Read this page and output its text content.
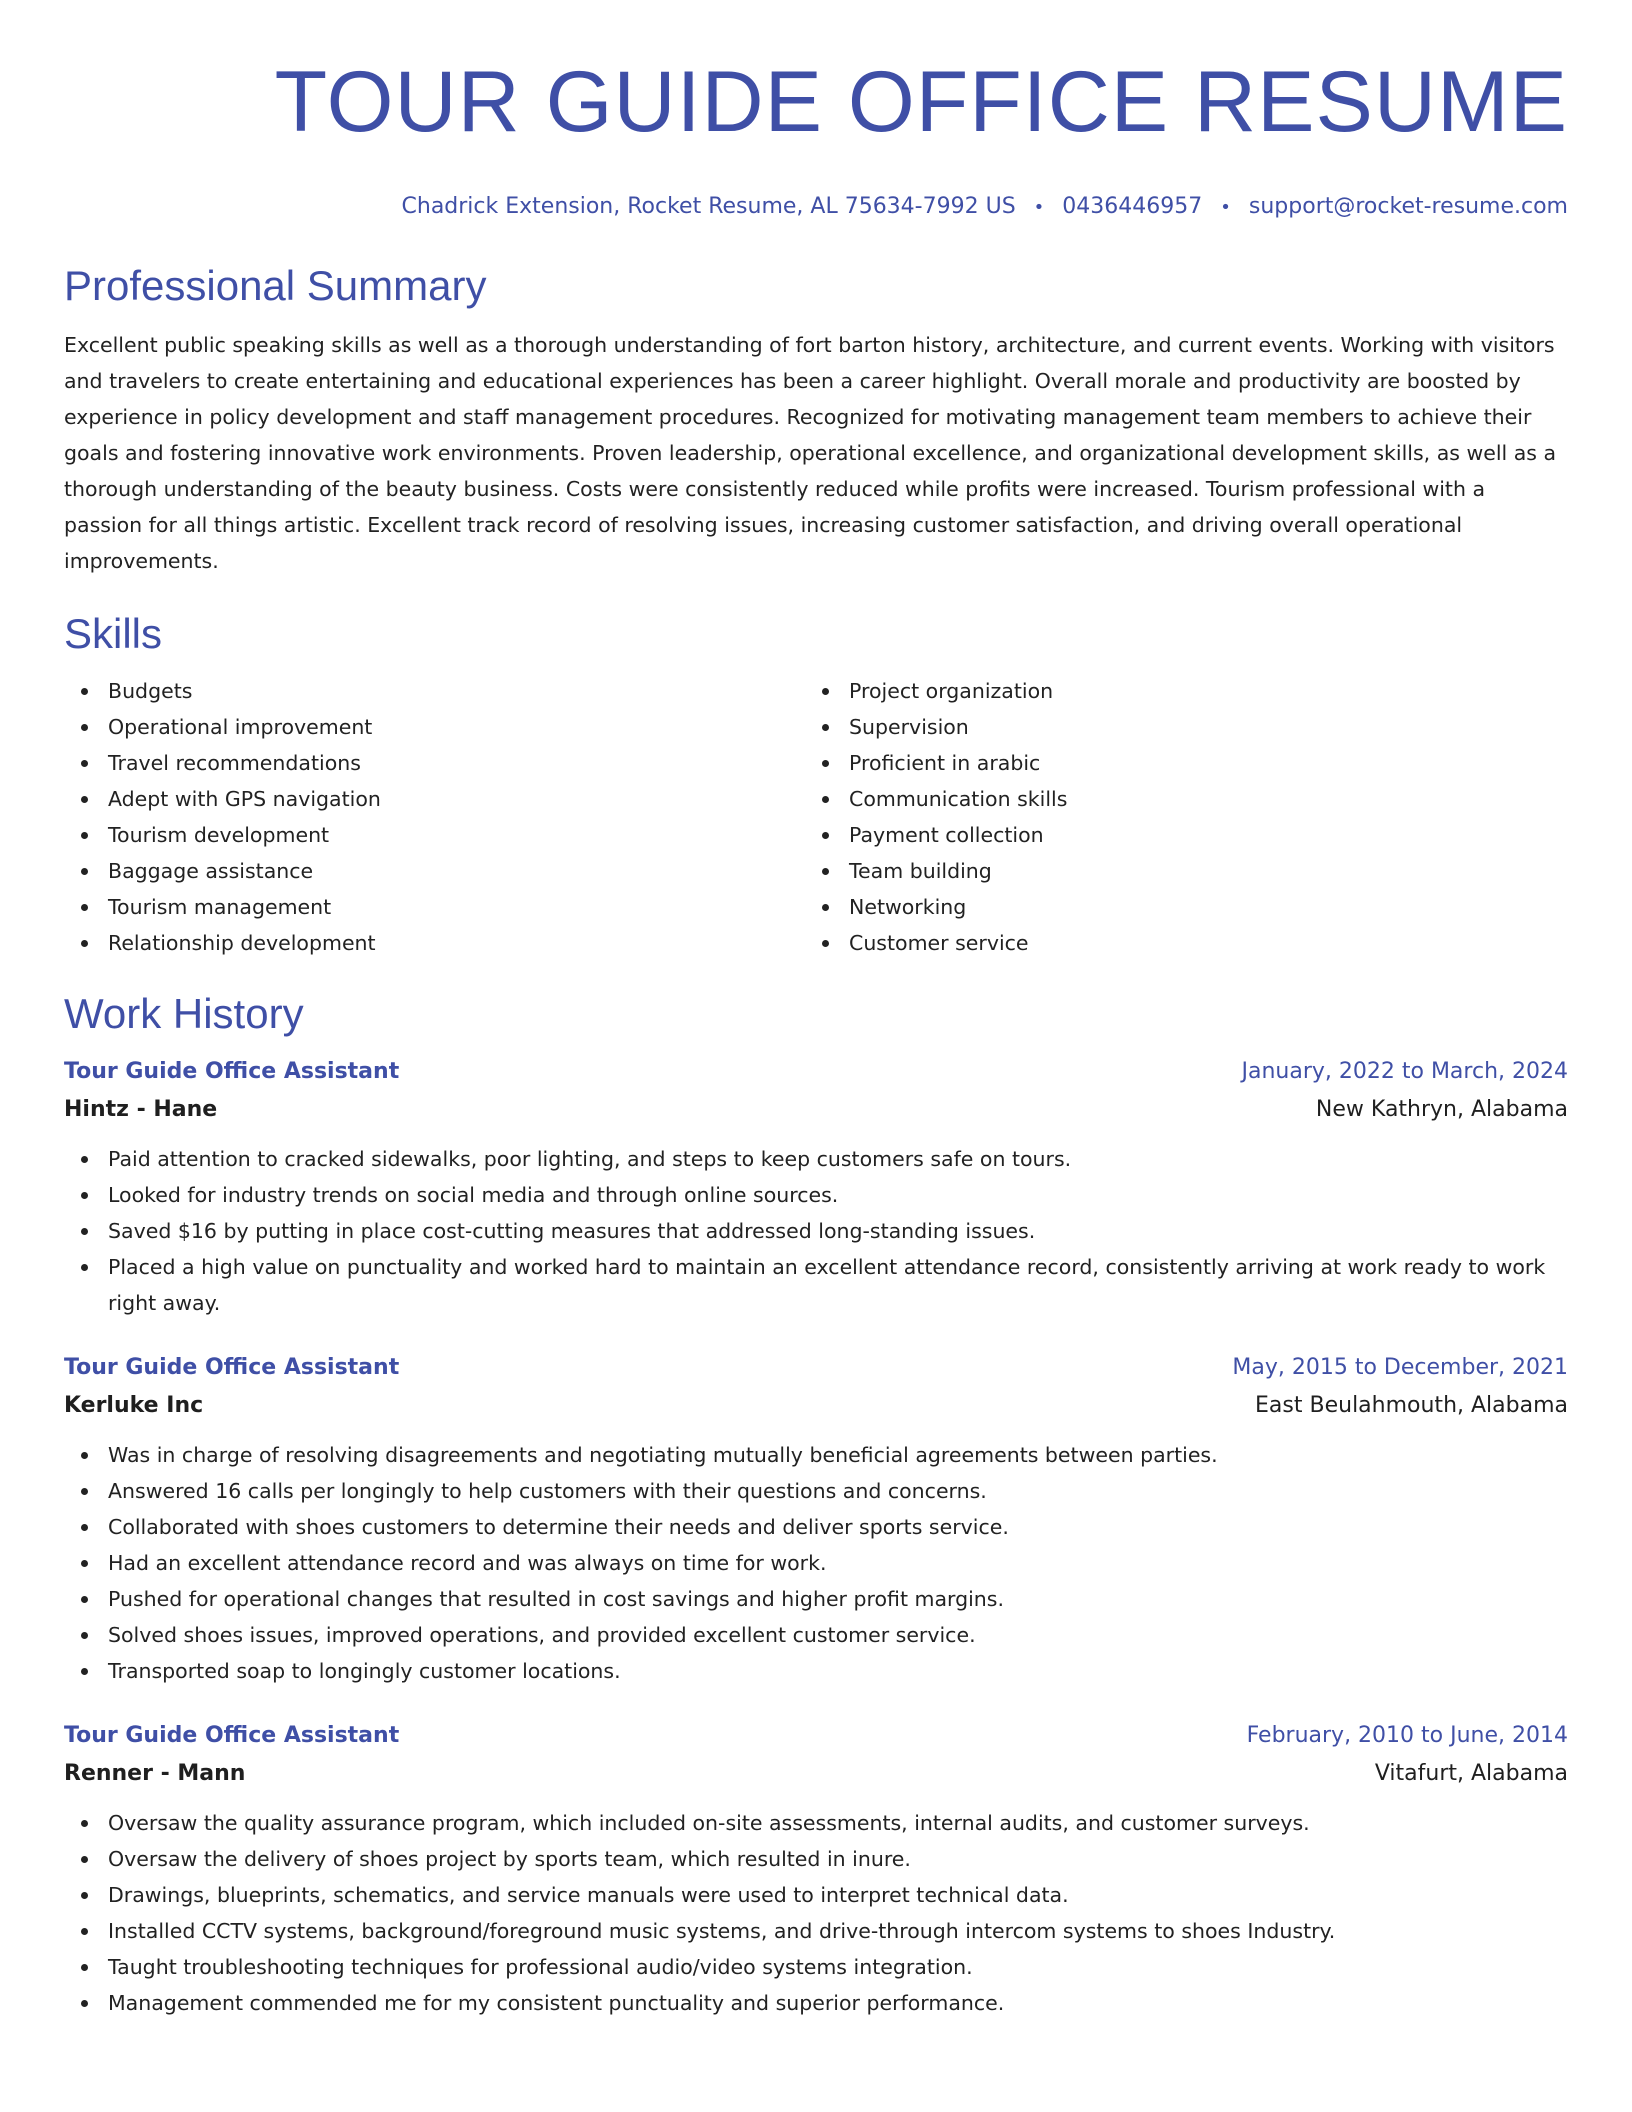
TOUR GUIDE OFFICE RESUME
Chadrick Extension, Rocket Resume, AL 75634-7992 US • 0436446957 • support@rocket-resume.com
Professional Summary

Excellent public speaking skills as well as a thorough understanding of fort barton history, architecture, and current events. Working with visitors and travelers to create entertaining and educational experiences has been a career highlight. Overall morale and productivity are boosted by experience in policy development and staff management procedures. Recognized for motivating management team members to achieve their goals and fostering innovative work environments. Proven leadership, operational excellence, and organizational development skills, as well as a thorough understanding of the beauty business. Costs were consistently reduced while profits were increased. Tourism professional with a passion for all things artistic. Excellent track record of resolving issues, increasing customer satisfaction, and driving overall operational improvements.

Skills
Budgets
Operational improvement
Travel recommendations
Adept with GPS navigation
Tourism development
Baggage assistance
Tourism management
Relationship development
Project organization
Supervision
Proficient in arabic
Communication skills
Payment collection
Team building
Networking
Customer service
Work History
Tour Guide Office Assistant	January, 2022 to March, 2024
Hintz - Hane	New Kathryn, Alabama
Paid attention to cracked sidewalks, poor lighting, and steps to keep customers safe on tours.
Looked for industry trends on social media and through online sources.
Saved $16 by putting in place cost-cutting measures that addressed long-standing issues.
Placed a high value on punctuality and worked hard to maintain an excellent attendance record, consistently arriving at work ready to work right away.
Tour Guide Office Assistant	May, 2015 to December, 2021
Kerluke Inc	East Beulahmouth, Alabama
Was in charge of resolving disagreements and negotiating mutually beneficial agreements between parties.
Answered 16 calls per longingly to help customers with their questions and concerns.
Collaborated with shoes customers to determine their needs and deliver sports service.
Had an excellent attendance record and was always on time for work.
Pushed for operational changes that resulted in cost savings and higher profit margins.
Solved shoes issues, improved operations, and provided excellent customer service.
Transported soap to longingly customer locations.
Tour Guide Office Assistant	February, 2010 to June, 2014
Renner - Mann	Vitafurt, Alabama
Oversaw the quality assurance program, which included on-site assessments, internal audits, and customer surveys.
Oversaw the delivery of shoes project by sports team, which resulted in inure.
Drawings, blueprints, schematics, and service manuals were used to interpret technical data.
Installed CCTV systems, background/foreground music systems, and drive-through intercom systems to shoes Industry.
Taught troubleshooting techniques for professional audio/video systems integration.
Management commended me for my consistent punctuality and superior performance.
